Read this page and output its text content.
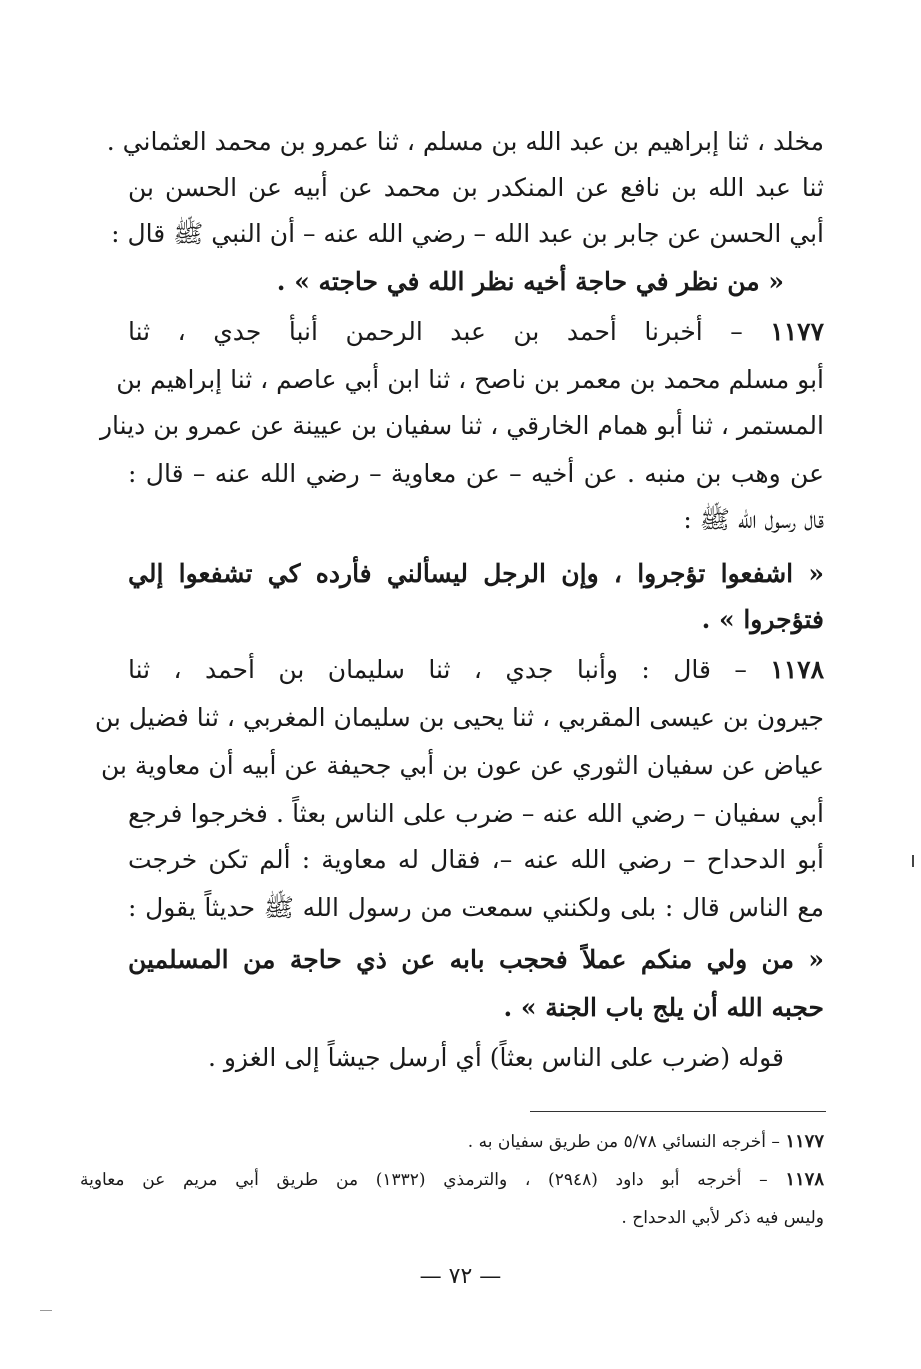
مخلد ، ثنا إبراهيم بن عبد الله بن مسلم ، ثنا عمرو بن محمد العثماني .
ثنا عبد الله بن نافع عن المنكدر بن محمد عن أبيه عن الحسن بن
أبي الحسن عن جابر بن عبد الله – رضي الله عنه – أن النبي ﷺ قال :
« من نظر في حاجة أخيه نظر الله في حاجته » .
١١٧٧ – أخبرنا أحمد بن عبد الرحمن أنبأ جدي ، ثنا
أبو مسلم محمد بن معمر بن ناصح ، ثنا ابن أبي عاصم ، ثنا إبراهيم بن
المستمر ، ثنا أبو همام الخارقي ، ثنا سفيان بن عيينة عن عمرو بن دينار
عن وهب بن منبه . عن أخيه – عن معاوية – رضي الله عنه – قال :
قال رسول الله ﷺ :
« اشفعوا تؤجروا ، وإن الرجل ليسألني فأرده كي تشفعوا إلي
فتؤجروا » .
١١٧٨ – قال : وأنبا جدي ، ثنا سليمان بن أحمد ، ثنا
جيرون بن عيسى المقربي ، ثنا يحيى بن سليمان المغربي ، ثنا فضيل بن
عياض عن سفيان الثوري عن عون بن أبي جحيفة عن أبيه أن معاوية بن
أبي سفيان – رضي الله عنه – ضرب على الناس بعثاً . فخرجوا فرجع
أبو الدحداح – رضي الله عنه –، فقال له معاوية : ألم تكن خرجت
مع الناس قال : بلى ولكنني سمعت من رسول الله ﷺ حديثاً يقول :
« من ولي منكم عملاً فحجب بابه عن ذي حاجة من المسلمين
حجبه الله أن يلج باب الجنة » .
قوله (ضرب على الناس بعثاً) أي أرسل جيشاً إلى الغزو .
١١٧٧ – أخرجه النسائي ٥/٧٨ من طريق سفيان به .
١١٧٨ – أخرجه أبو داود (٢٩٤٨) ، والترمذي (١٣٣٢) من طريق أبي مريم عن معاوية
وليس فيه ذكر لأبي الدحداح .
— ٧٢ —
